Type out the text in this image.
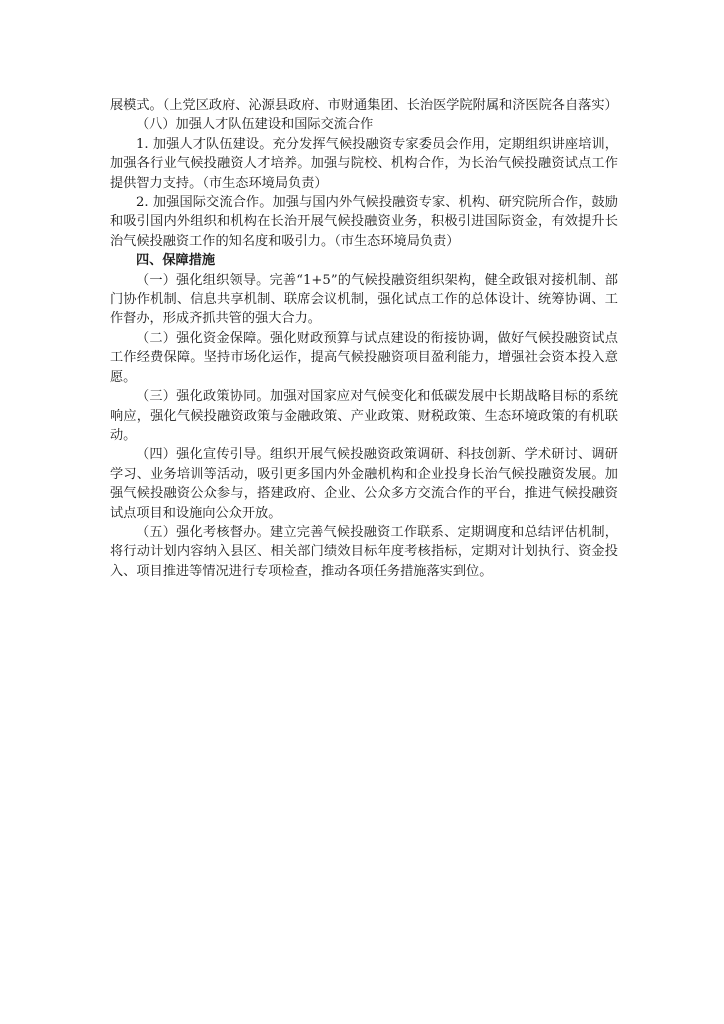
展模式。（上党区政府、沁源县政府、市财通集团、长治医学院附属和济医院各自落实）

（八）加强人才队伍建设和国际交流合作

1. 加强人才队伍建设。充分发挥气候投融资专家委员会作用，定期组织讲座培训，加强各行业气候投融资人才培养。加强与院校、机构合作，为长治气候投融资试点工作提供智力支持。（市生态环境局负责）

2. 加强国际交流合作。加强与国内外气候投融资专家、机构、研究院所合作，鼓励和吸引国内外组织和机构在长治开展气候投融资业务，积极引进国际资金，有效提升长治气候投融资工作的知名度和吸引力。（市生态环境局负责）

四、保障措施

（一）强化组织领导。完善“1+5”的气候投融资组织架构，健全政银对接机制、部门协作机制、信息共享机制、联席会议机制，强化试点工作的总体设计、统筹协调、工作督办，形成齐抓共管的强大合力。

（二）强化资金保障。强化财政预算与试点建设的衔接协调，做好气候投融资试点工作经费保障。坚持市场化运作，提高气候投融资项目盈利能力，增强社会资本投入意愿。

（三）强化政策协同。加强对国家应对气候变化和低碳发展中长期战略目标的系统响应，强化气候投融资政策与金融政策、产业政策、财税政策、生态环境政策的有机联动。

（四）强化宣传引导。组织开展气候投融资政策调研、科技创新、学术研讨、调研学习、业务培训等活动，吸引更多国内外金融机构和企业投身长治气候投融资发展。加强气候投融资公众参与，搭建政府、企业、公众多方交流合作的平台，推进气候投融资试点项目和设施向公众开放。

（五）强化考核督办。建立完善气候投融资工作联系、定期调度和总结评估机制，将行动计划内容纳入县区、相关部门绩效目标年度考核指标，定期对计划执行、资金投入、项目推进等情况进行专项检查，推动各项任务措施落实到位。
